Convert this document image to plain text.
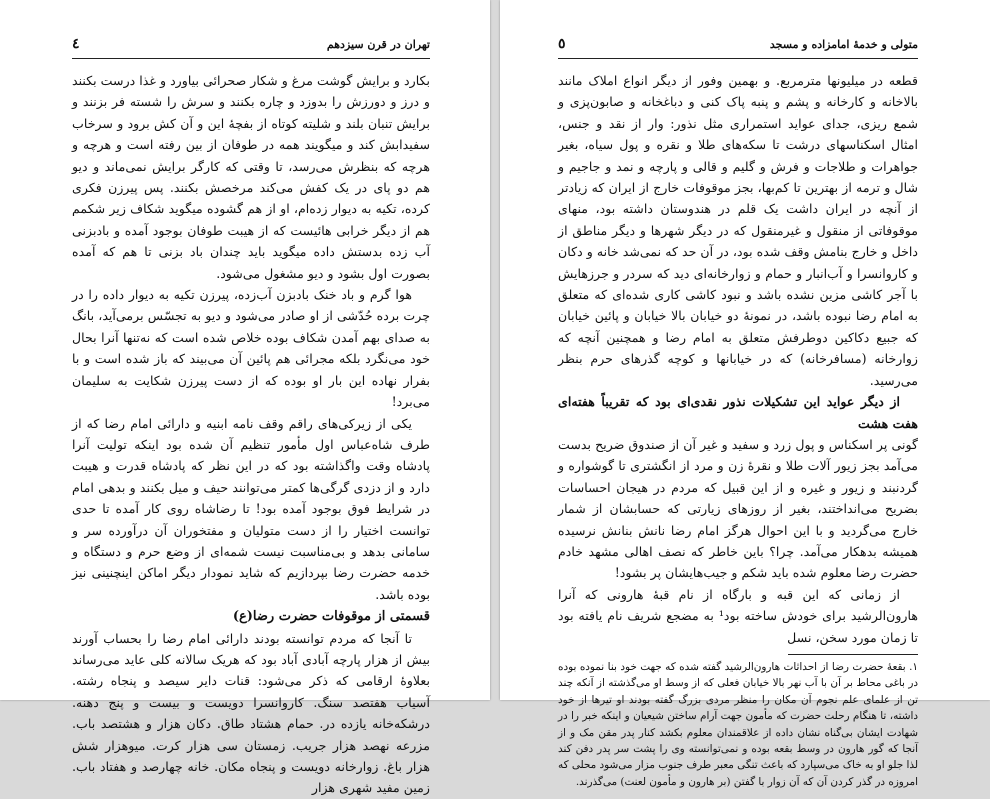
تهران در قرن سیزدهم
٤

بکارد و برایش گوشت مرغ و شکار صحرائی بیاورد و غذا درست بکنند و درز و دورزش را بدوزد و چاره بکنند و سرش را شسته فر بزنند و برایش تنبان بلند و شلیته کوتاه از بفچهٔ این و آن کش برود و سرخاب سفیدابش کند و میگویند همه در طوفان از بین رفته است و هرچه و هرچه که بنظرش می‌رسد، تا وقتی که کارگر برایش نمی‌ماند و دیو هم دو پای در یک کفش می‌کند مرخصش بکنند. پس پیرزن فکری کرده، تکیه به دیوار زده‌ام، او از هم گشوده میگوید شکاف زیر شکمم هم از دیگر خرابی هائیست که از هیبت طوفان بوجود آمده و بادبزنی آب زده بدستش داده میگوید باید چندان باد بزنی تا هم که آمده بصورت اول بشود و دیو مشغول می‌شود.

هوا گرم و باد خنک بادبزن آب‌زده، پیرزن تکیه به دیوار داده را در چرت برده حُدّشی از او صادر می‌شود و دیو به تجسّس برمی‌آید، بانگ به صدای بهم آمدن شکاف بوده خلاص شده است که نه‌تنها آنرا بحال خود می‌نگرد بلکه مجرائی هم پائین آن می‌بیند که باز شده است و با بفرار نهاده این بار او بوده که از دست پیرزن شکایت به سلیمان می‌برد!

یکی از زیرکی‌های راقم وقف نامه ابنیه و دارائی امام رضا که از طرف شاه‌عباس اول مأمور تنظیم آن شده بود اینکه تولیت آنرا پادشاه وقت واگذاشته بود که در این نظر که پادشاه قدرت و هیبت دارد و از دزدی گرگی‌ها کمتر می‌توانند حیف و میل بکنند و بدهی امام در شرایط فوق بوجود آمده بود! تا رضاشاه روی کار آمده تا حدی توانست اختیار را از دست متولیان و مفتخوران آن درآورده سر و سامانی بدهد و بی‌مناسبت نیست شمه‌ای از وضع حرم و دستگاه و خدمه حضرت رضا بپردازیم که شاید نمودار دیگر اماکن اینچنینی نیز بوده باشد.

قسمتی از موقوفات حضرت رضا(ع)

تا آنجا که مردم توانسته بودند دارائی امام رضا را بحساب آورند بیش از هزار پارچه آبادی آباد بود که هریک سالانه کلی عاید می‌رساند بعلاوهٔ ارقامی که ذکر می‌شود: قنات دایر سیصد و پنجاه رشته. آسیاب هفتصد سنگ. کاروانسرا دویست و بیست و پنج دهنه. درشکه‌خانه یازده در. حمام هشتاد طاق. دکان هزار و هشتصد باب. مزرعه نهصد هزار جریب. زمستان سی هزار کرت. میوهزار شش هزار باغ. زوارخانه دویست و پنجاه مکان. خانه چهارصد و هفتاد باب. زمین مفید شهری هزار

متولی و خدمهٔ امامزاده و مسجد
٥

قطعه در میلیونها مترمربع. و بهمین وفور از دیگر انواع املاک مانند بالاخانه و کارخانه و پشم و پنبه پاک کنی و دباغخانه و صابون‌پزی و شمع ریزی، جدای عواید استمراری مثل نذور: وار از نقد و جنس، امثال اسکناسهای درشت تا سکه‌های طلا و نقره و پول سیاه، بغیر جواهرات و طلاجات و فرش و گلیم و قالی و پارچه و نمد و جاجیم و شال و ترمه از بهترین تا کم‌بها، بجز موقوفات خارج از ایران که زیادتر از آنچه در ایران داشت یک قلم در هندوستان داشته بود، منهای موقوفاتی از منقول و غیرمنقول که در دیگر شهرها و دیگر مناطق از داخل و خارج بنامش وقف شده بود، در آن حد که نمی‌شد خانه و دکان و کاروانسرا و آب‌انبار و حمام و زوارخانه‌ای دید که سردر و جرزهایش با آجر کاشی مزین نشده باشد و نبود کاشی کاری شده‌ای که متعلق به امام رضا نبوده باشد، در نمونهٔ دو خیابان بالا خیابان و پائین خیابان که جبیع دکاکین دوطرفش متعلق به امام رضا و همچنین آنچه که زوارخانه (مسافرخانه) که در خیابانها و کوچه گذرهای حرم بنظر می‌رسید.

از دیگر عواید این تشکیلات نذور نقدی‌ای بود که تقریباً هفته‌ای هفت هشت

گونی پر اسکناس و پول زرد و سفید و غیر آن از صندوق ضریح بدست می‌آمد بجز زیور آلات طلا و نقرهٔ زن و مرد از انگشتری تا گوشواره و گردنبند و زیور و غیره و از این قبیل که مردم در هیجان احساسات بضریح می‌انداختند، بغیر از روزهای زیارتی که حسابشان از شمار خارج می‌گردید و با این احوال هرگز امام رضا نانش بنانش نرسیده همیشه بدهکار می‌آمد. چرا؟ باین خاطر که نصف اهالی مشهد خادم حضرت رضا معلوم شده باید شکم و جیب‌هایشان پر بشود!

از زمانی که این قبه و بارگاه از نام قبهٔ هارونی که آنرا هارون‌الرشید برای خودش ساخته بود¹ به مضجع شریف نام یافته بود تا زمان مورد سخن، نسل

۱. بقعهٔ حضرت رضا از احداثات هارون‌الرشید گفته شده که جهت خود بنا نموده بوده در باغی محاط بر آن با آب نهر بالا خیابان فعلی که از وسط او می‌گذشته از آنکه چند تن از علمای علم نجوم آن مکان را منظر مردی بزرگ گفته بودند او تیرها از خود داشته، تا هنگام رحلت حضرت که مأمون جهت آرام ساختن شیعیان و اینکه خبر را در شهادت ایشان بی‌گناه نشان داده از علاقمندان معلوم بکشد کنار پدر مقن مک و از آنجا که گور هارون در وسط بقعه بوده و نمی‌توانسته وی را پشت سر پدر دفن کند لذا جلو او به خاک می‌سپارد که باعث تنگی معبر طرف جنوب مزار می‌شود محلی که امروزه در گذر کردن آن که آن زوار با گفتن (بر هارون و مأمون لعنت) می‌گذرند.
